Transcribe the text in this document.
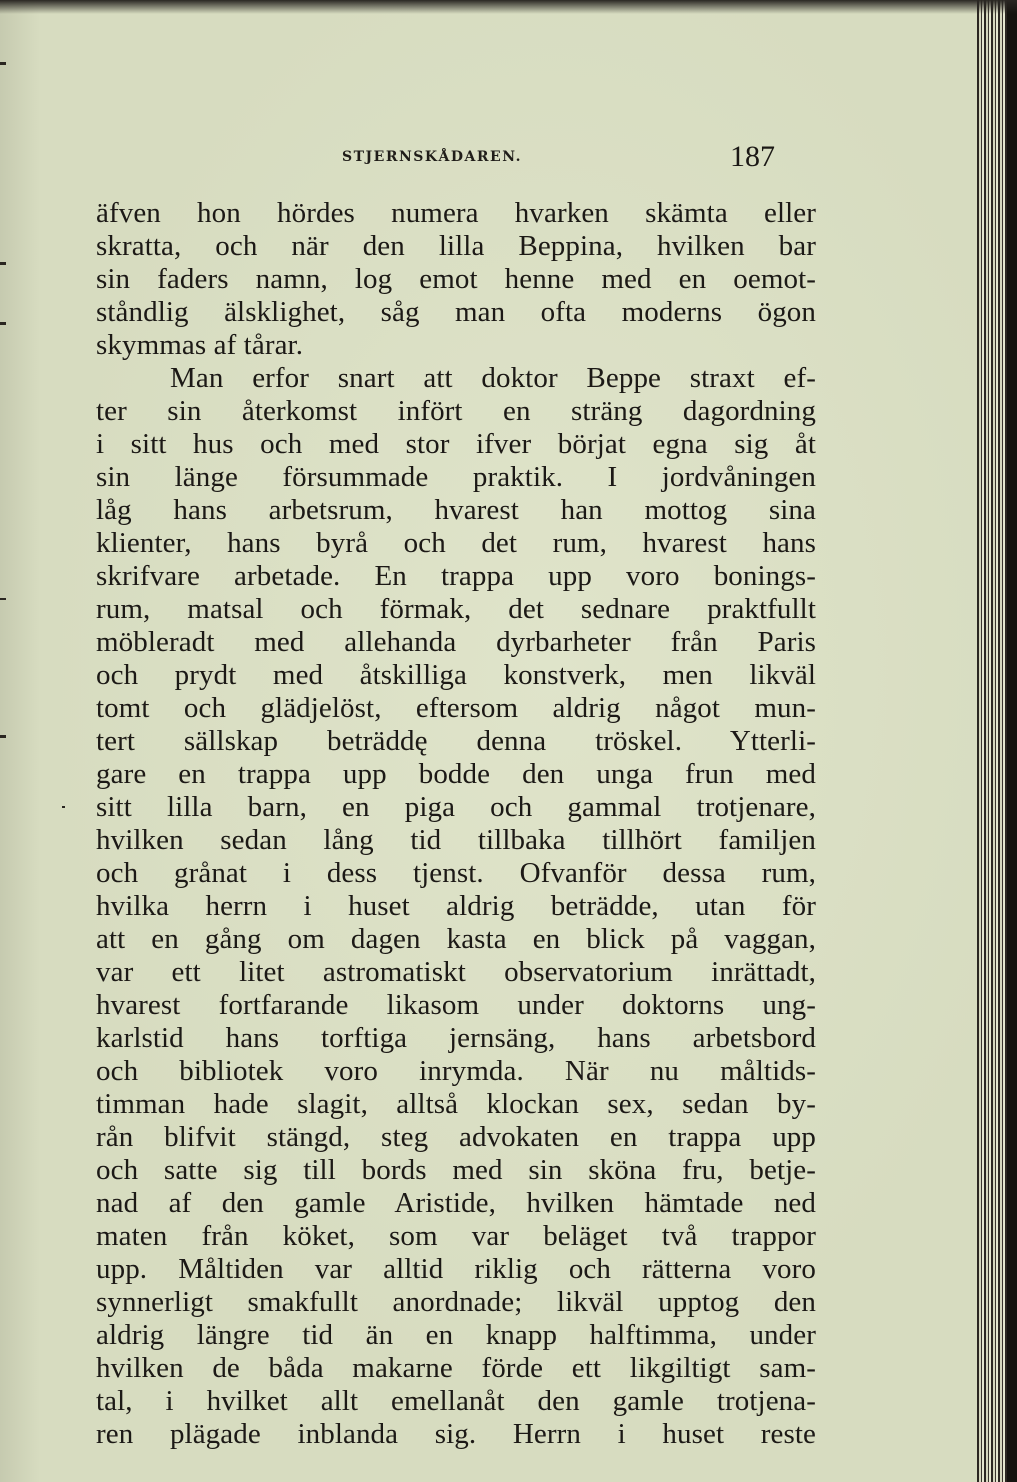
STJERNSKÅDAREN.	187
äfven hon hördes numera hvarken skämta eller
skratta, och när den lilla Beppina, hvilken bar
sin faders namn, log emot henne med en oemot-
ståndlig älsklighet, såg man ofta moderns ögon
skymmas af tårar.
Man erfor snart att doktor Beppe straxt ef-
ter sin återkomst infört en sträng dagordning
i sitt hus och med stor ifver börjat egna sig åt
sin länge försummade praktik. I jordvåningen
låg hans arbetsrum, hvarest han mottog sina
klienter, hans byrå och det rum, hvarest hans
skrifvare arbetade. En trappa upp voro bonings-
rum, matsal och förmak, det sednare praktfullt
möbleradt med allehanda dyrbarheter från Paris
och prydt med åtskilliga konstverk, men likväl
tomt och glädjelöst, eftersom aldrig något mun-
tert sällskap beträddę denna tröskel. Ytterli-
gare en trappa upp bodde den unga frun med
sitt lilla barn, en piga och gammal trotjenare,
hvilken sedan lång tid tillbaka tillhört familjen
och grånat i dess tjenst. Ofvanför dessa rum,
hvilka herrn i huset aldrig beträdde, utan för
att en gång om dagen kasta en blick på vaggan,
var ett litet astromatiskt observatorium inrättadt,
hvarest fortfarande likasom under doktorns ung-
karlstid hans torftiga jernsäng, hans arbetsbord
och bibliotek voro inrymda. När nu måltids-
timman hade slagit, alltså klockan sex, sedan by-
rån blifvit stängd, steg advokaten en trappa upp
och satte sig till bords med sin sköna fru, betje-
nad af den gamle Aristide, hvilken hämtade ned
maten från köket, som var beläget två trappor
upp. Måltiden var alltid riklig och rätterna voro
synnerligt smakfullt anordnade; likväl upptog den
aldrig längre tid än en knapp halftimma, under
hvilken de båda makarne förde ett likgiltigt sam-
tal, i hvilket allt emellanåt den gamle trotjena-
ren plägade inblanda sig. Herrn i huset reste
